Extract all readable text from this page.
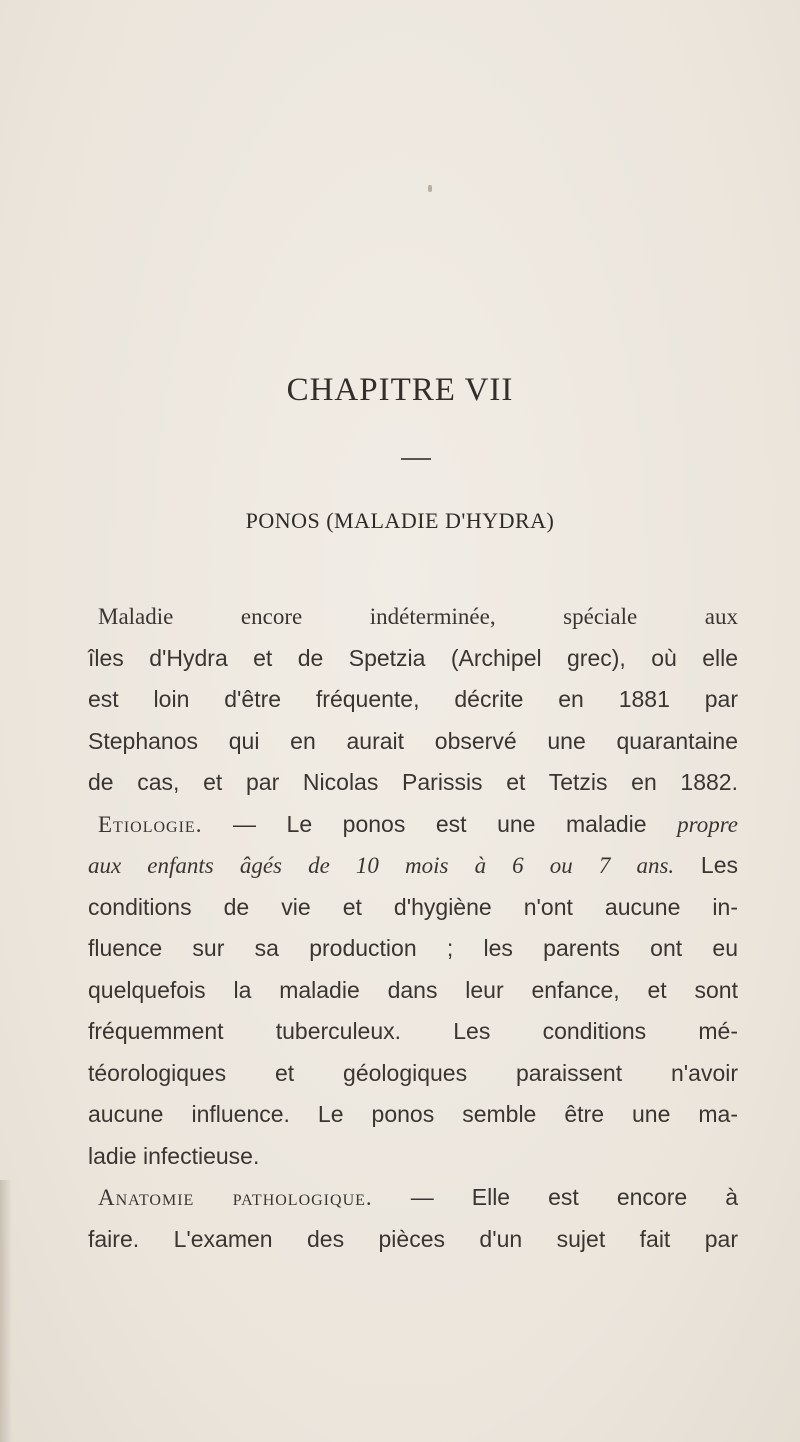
CHAPITRE VII
PONOS (MALADIE D'HYDRA)
Maladie encore indéterminée, spéciale aux
îles d'Hydra et de Spetzia (Archipel grec), où elle
est loin d'être fréquente, décrite en 1881 par
Stephanos qui en aurait observé une quarantaine
de cas, et par Nicolas Parissis et Tetzis en 1882.
Etiologie. — Le ponos est une maladie propre
aux enfants âgés de 10 mois à 6 ou 7 ans. Les
conditions de vie et d'hygiène n'ont aucune in-
fluence sur sa production ; les parents ont eu
quelquefois la maladie dans leur enfance, et sont
fréquemment tuberculeux. Les conditions mé-
téorologiques et géologiques paraissent n'avoir
aucune influence. Le ponos semble être une ma-
ladie infectieuse.
Anatomie pathologique. — Elle est encore à
faire. L'examen des pièces d'un sujet fait par
